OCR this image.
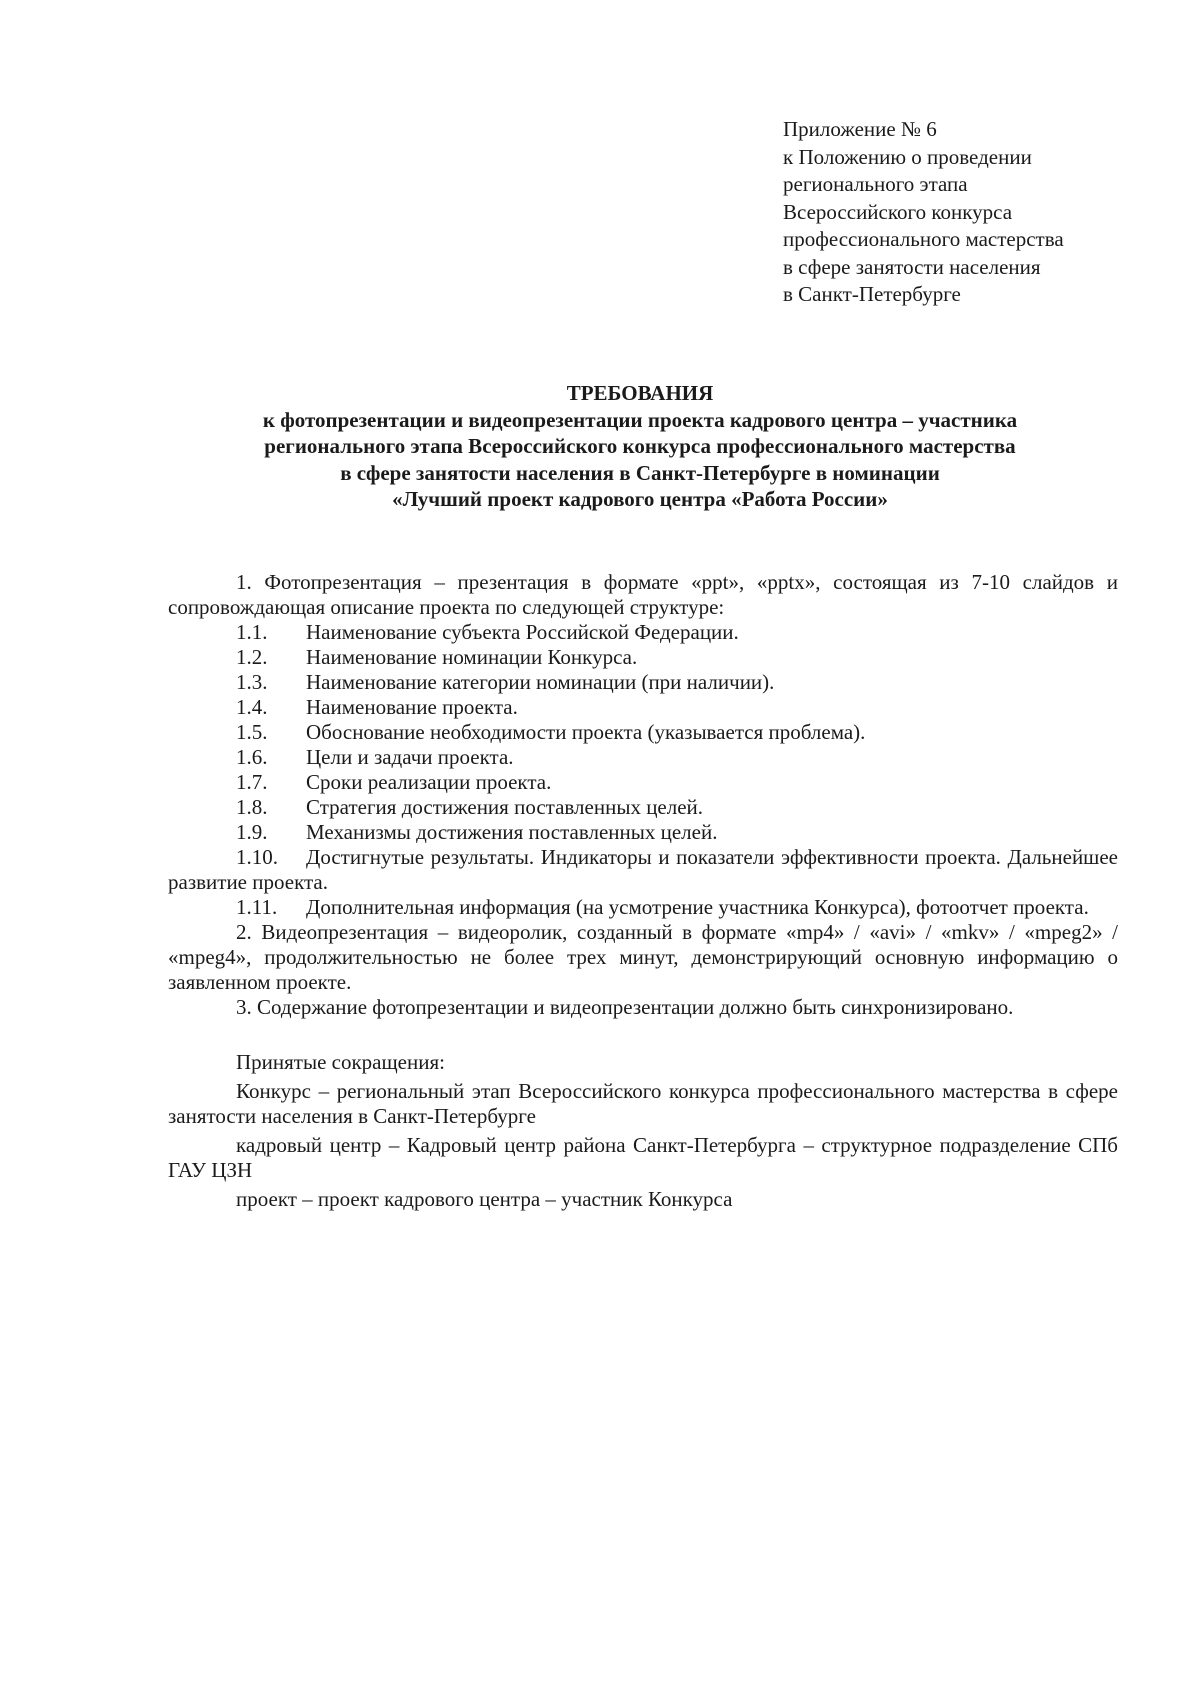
Приложение № 6
к Положению о проведении
регионального этапа
Всероссийского конкурса
профессионального мастерства
в сфере занятости населения
в Санкт-Петербурге
ТРЕБОВАНИЯ
к фотопрезентации и видеопрезентации проекта кадрового центра – участника
регионального этапа Всероссийского конкурса профессионального мастерства
в сфере занятости населения в Санкт-Петербурге в номинации
«Лучший проект кадрового центра «Работа России»

1. Фотопрезентация – презентация в формате «ppt», «pptx», состоящая из 7-10 слайдов и сопровождающая описание проекта по следующей структуре:

1.1.	Наименование субъекта Российской Федерации.
1.2.	Наименование номинации Конкурса.
1.3.	Наименование категории номинации (при наличии).
1.4.	Наименование проекта.
1.5.	Обоснование необходимости проекта (указывается проблема).
1.6.	Цели и задачи проекта.
1.7.	Сроки реализации проекта.
1.8.	Стратегия достижения поставленных целей.
1.9.	Механизмы достижения поставленных целей.

1.10. Достигнутые результаты. Индикаторы и показатели эффективности проекта. Дальнейшее развитие проекта.

1.11. Дополнительная информация (на усмотрение участника Конкурса), фотоотчет проекта.

2. Видеопрезентация – видеоролик, созданный в формате «mp4» / «avi» / «mkv» / «mpeg2» / «mpeg4», продолжительностью не более трех минут, демонстрирующий основную информацию о заявленном проекте.

3. Содержание фотопрезентации и видеопрезентации должно быть синхронизировано.

Принятые сокращения:

Конкурс – региональный этап Всероссийского конкурса профессионального мастерства в сфере занятости населения в Санкт-Петербурге

кадровый центр – Кадровый центр района Санкт-Петербурга – структурное подразделение СПб ГАУ ЦЗН

проект – проект кадрового центра – участник Конкурса
